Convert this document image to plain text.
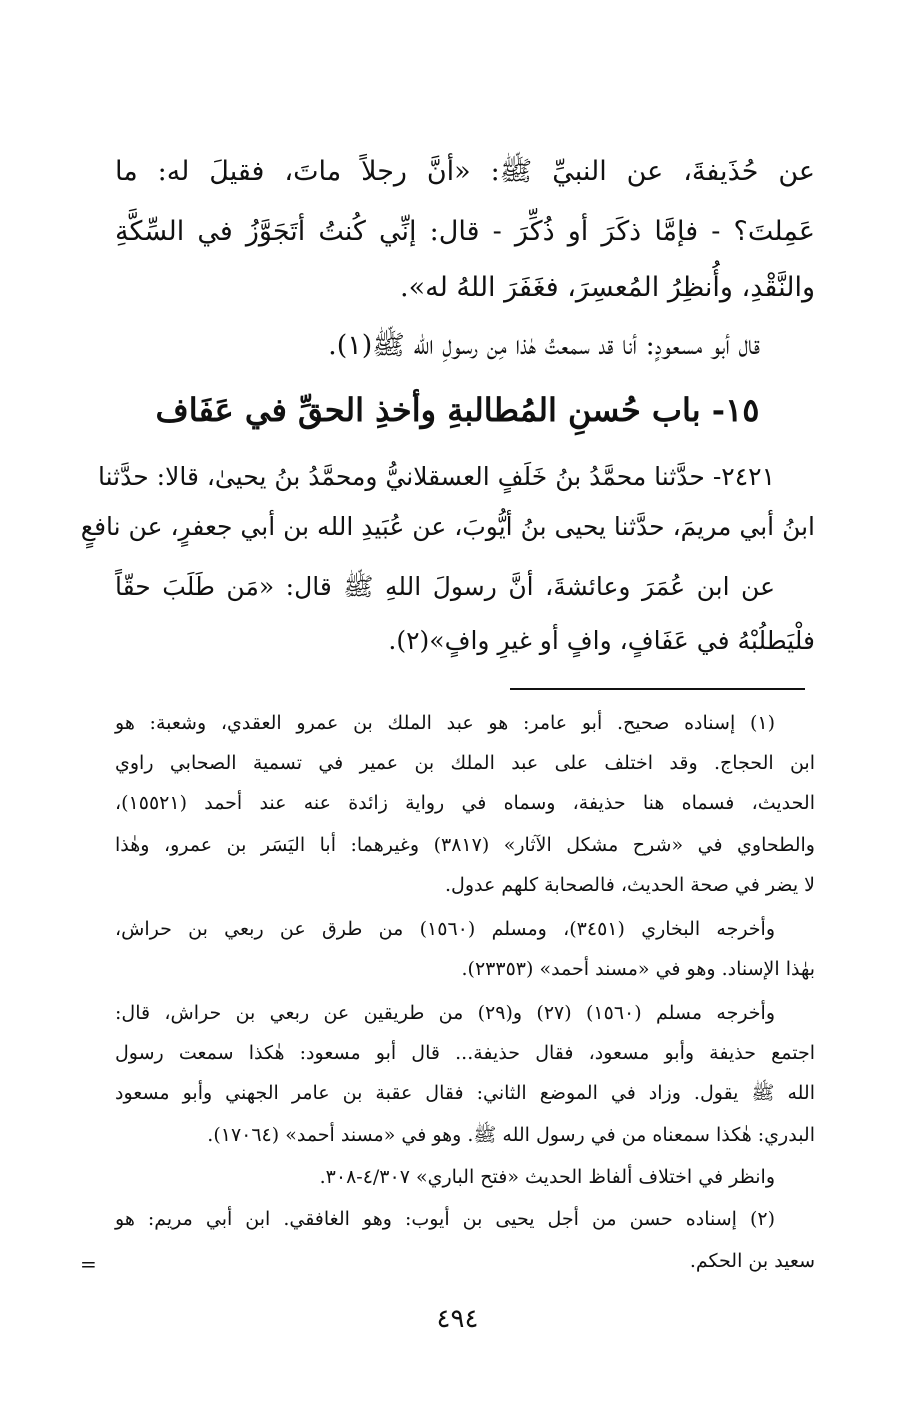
عن حُذَيفةَ، عن النبيِّ ﷺ: «أنَّ رجلاً ماتَ، فقيلَ له: ما
عَمِلتَ؟ - فإمَّا ذكَرَ أو ذُكِّرَ - قال: إنِّي كُنتُ أتَجَوَّزُ في السِّكَّةِ
والنَّقْدِ، وأُنظِرُ المُعسِرَ، فغَفَرَ اللهُ له».
قال أبو مسعودٍ: أنا قد سمعتُ هٰذا مِن رسولِ الله ﷺ(١).
١٥- باب حُسنِ المُطالبةِ وأخذِ الحقِّ في عَفَاف
٢٤٢١- حدَّثنا محمَّدُ بنُ خَلَفٍ العسقلانيُّ ومحمَّدُ بنُ يحيىٰ، قالا: حدَّثنا
ابنُ أبي مريمَ، حدَّثنا يحيى بنُ أيُّوبَ، عن عُبَيدِ الله بن أبي جعفرٍ، عن نافعٍ
عن ابن عُمَرَ وعائشةَ، أنَّ رسولَ اللهِ ﷺ قال: «مَن طَلَبَ حقّاً
فلْيَطلُبْهُ في عَفَافٍ، وافٍ أو غيرِ وافٍ»(٢).
(١) إسناده صحيح. أبو عامر: هو عبد الملك بن عمرو العقدي، وشعبة: هو
ابن الحجاج. وقد اختلف على عبد الملك بن عمير في تسمية الصحابي راوي
الحديث، فسماه هنا حذيفة، وسماه في رواية زائدة عنه عند أحمد (١٥٥٢١)،
والطحاوي في «شرح مشكل الآثار» (٣٨١٧) وغيرهما: أبا اليَسَر بن عمرو، وهٰذا
لا يضر في صحة الحديث، فالصحابة كلهم عدول.
وأخرجه البخاري (٣٤٥١)، ومسلم (١٥٦٠) من طرق عن ربعي بن حراش،
بهٰذا الإسناد. وهو في «مسند أحمد» (٢٣٣٥٣).
وأخرجه مسلم (١٥٦٠) (٢٧) و(٢٩) من طريقين عن ربعي بن حراش، قال:
اجتمع حذيفة وأبو مسعود، فقال حذيفة... قال أبو مسعود: هٰكذا سمعت رسول
الله ﷺ يقول. وزاد في الموضع الثاني: فقال عقبة بن عامر الجهني وأبو مسعود
البدري: هٰكذا سمعناه من في رسول الله ﷺ. وهو في «مسند أحمد» (١٧٠٦٤).
وانظر في اختلاف ألفاظ الحديث «فتح الباري» ٤/٣٠٧-٣٠٨.
(٢) إسناده حسن من أجل يحيى بن أيوب: وهو الغافقي. ابن أبي مريم: هو
سعيد بن الحكم.
=
٤٩٤
